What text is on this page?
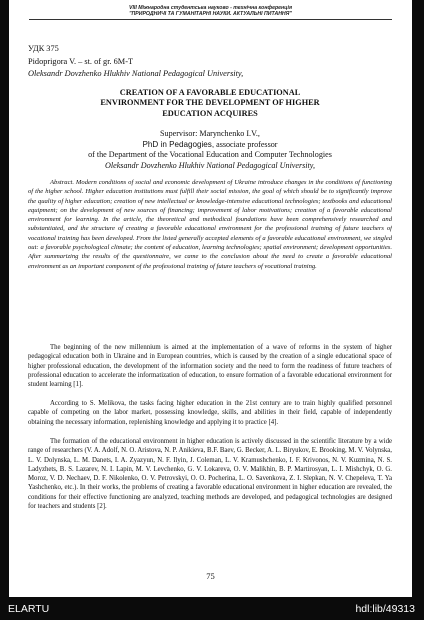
VIII Міжнародна студентська науково - технічна конференція
"ПРИРОДНИЧІ ТА ГУМАНІТАРНІ НАУКИ. АКТУАЛЬНІ ПИТАННЯ"
УДК 375
Pidoprigora V. – st. of gr. 6M-T
Oleksandr Dovzhenko Hlukhiv National Pedagogical University,
CREATION OF A FAVORABLE EDUCATIONAL
ENVIRONMENT FOR THE DEVELOPMENT OF HIGHER
EDUCATION ACQUIRES
Supervisor: Marynchenko I.V.,
PhD in Pedagogies, associate professor
of the Department of the Vocational Education and Computer Technologies
Oleksandr Dovzhenko Hlukhiv National Pedagogical University,
Abstract. Modern conditions of social and economic development of Ukraine introduce changes in the conditions of functioning of the higher school. Higher education institutions must fulfill their social mission, the goal of which should be to significantly improve the quality of higher education; creation of new intellectual or knowledge-intensive educational technologies; textbooks and educational equipment; on the development of new sources of financing; improvement of labor motivations; creation of a favorable educational environment for learning. In the article, the theoretical and methodical foundations have been comprehensively researched and substantiated, and the structure of creating a favorable educational environment for the professional training of future teachers of vocational training has been developed. From the listed generally accepted elements of a favorable educational environment, we singled out: a favorable psychological climate; the content of education, learning technologies; spatial environment; development opportunities. After summarizing the results of the questionnaire, we came to the conclusion about the need to create a favorable educational environment as an important component of the professional training of future teachers of vocational training.
The beginning of the new millennium is aimed at the implementation of a wave of reforms in the system of higher pedagogical education both in Ukraine and in European countries, which is caused by the creation of a single educational space of higher professional education, the development of the information society and the need to form the readiness of future teachers of professional education to accelerate the informatization of education, to ensure formation of a favorable educational environment for student learning [1].
According to S. Melikova, the tasks facing higher education in the 21st century are to train highly qualified personnel capable of competing on the labor market, possessing knowledge, skills, and abilities in their field, capable of independently obtaining the necessary information, replenishing knowledge and applying it to practice [4].
The formation of the educational environment in higher education is actively discussed in the scientific literature by a wide range of researchers (V. A. Adolf, N. O. Aristova, N. P. Anikieva, B.F. Baev, G. Becker, A. L. Biryukov, E. Brooking, M. V. Volynska, L. V. Dolynska, L. M. Danets, I. A. Zyazyun, N. F. Ilyin, J. Coleman, L. V. Kramushchenko, I. F. Krivonos, N. V. Kuzmina, N. S. Ladyzhets, B. S. Lazarev, N. I. Lapin, M. V. Levchenko, G. V. Lokareva, O. V. Malikhin, B. P. Martirosyan, L. I. Mishchyk, O. G. Moroz, V. D. Nechaev, D. F. Nikolenko, O. V. Petrovskyi, O. O. Pocherina, L. O. Savenkova, Z. I. Slepkan, N. V. Chepeleva, T. Ya Yashchenko, etc.). In their works, the problems of creating a favorable educational environment in higher education are revealed, the conditions for their effective functioning are analyzed, teaching methods are developed, and pedagogical technologies are designed for teachers and students [2].
75
ELARTU	hdl:lib/49313
